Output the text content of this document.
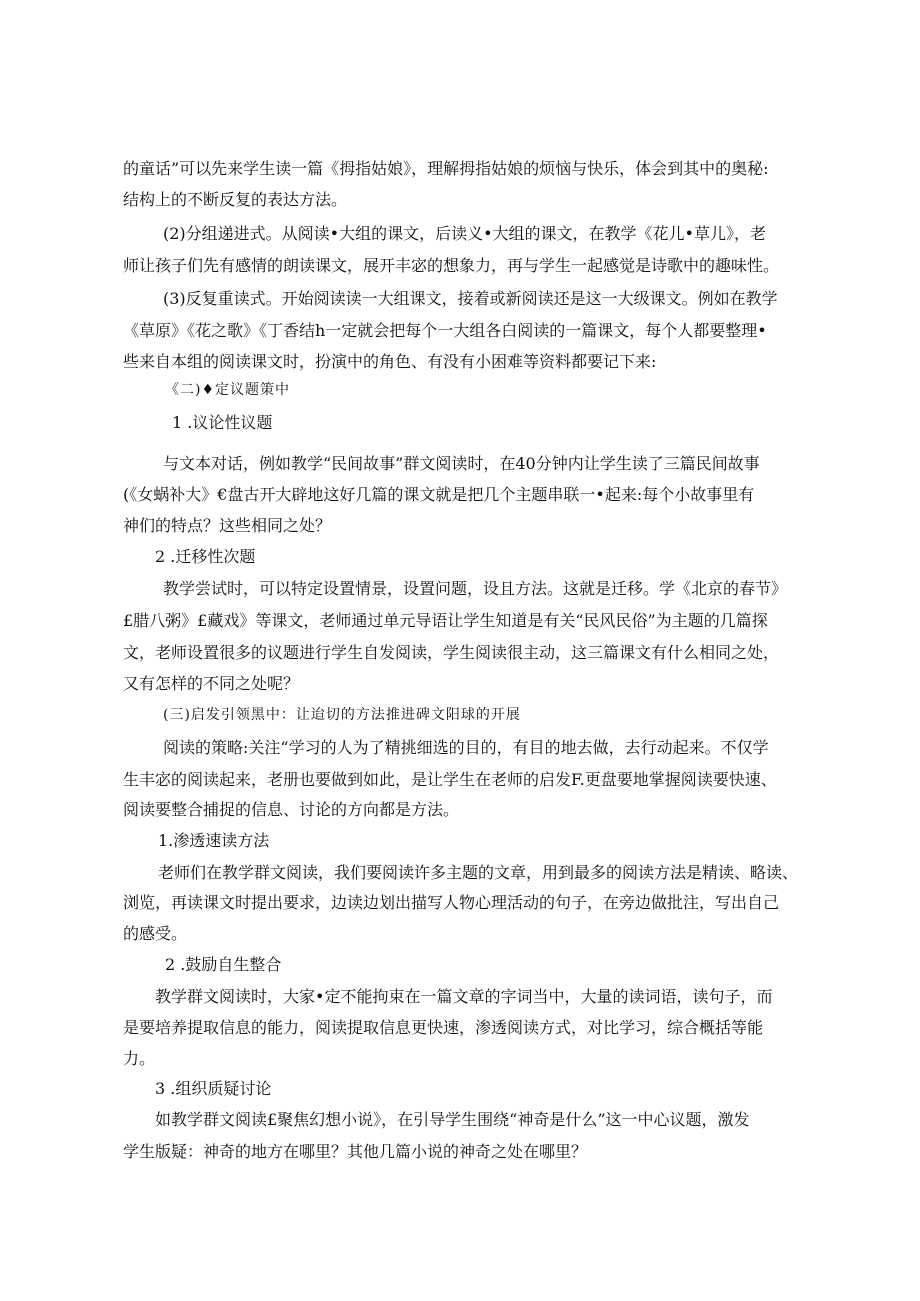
的童话”可以先来学生读一篇《拇指姑娘》，理解拇指姑娘的烦恼与快乐，体会到其中的奥秘:

结构上的不断反复的表达方法。

(2)分组递进式。从阅读•大组的课文，后读义•大组的课文，在教学《花儿•草儿》，老

师让孩子们先有感情的朗读课文，展开丰宓的想象力，再与学生一起感觉是诗歌中的趣味性。

(3)反复重读式。开始阅读读一大组课文，接着或新阅读还是这一大级课文。例如在教学

《草原》《花之歌》《丁香结h一定就会把每个一大组各白阅读的一篇课文，每个人都要整理•

些来自本组的阅读课文时，扮演中的角色、有没有小困难等资料都要记下来:

《二)♦定议题策中

1 .议论性议题

与文本对话，例如教学“民间故事”群文阅读时，在40分钟内让学生读了三篇民间故事

(《女蜗补大》€盘古开大辟地这好几篇的课文就是把几个主题串联一•起来:每个小故事里有

神们的特点？这些相同之处？

2 .迁移性次题

教学尝试时，可以特定设置情景，设置问题，设且方法。这就是迁移。学《北京的春节》

£腊八粥》£藏戏》等课文，老师通过单元导语让学生知道是有关“民风民俗”为主题的几篇探

文，老师设置很多的议题进行学生自发阅读，学生阅读很主动，这三篇课文有什么相同之处，

又有怎样的不同之处呢？

(三)启发引领黑中：让迨切的方法推进碑文阳球的开展

阅读的策略:关注“学习的人为了精挑细选的目的，有目的地去做，去行动起来。不仅学

生丰宓的阅读起来，老册也要做到如此，是让学生在老师的启发F.更盘要地掌握阅读要快速、

阅读要整合捕捉的信息、讨论的方向都是方法。

1.渗透速读方法

老师们在教学群文阅读，我们要阅读许多主题的文章，用到最多的阅读方法是精读、略读、

浏览，再读课文时提出要求，边读边划出描写人物心理活动的句子，在旁边做批注，写出自己

的感受。

2 .鼓励自生整合

教学群文阅读时，大家•定不能拘束在一篇文章的字词当中，大量的读词语，读句子，而

是要培养提取信息的能力，阅读提取信息更快速，渗透阅读方式，对比学习，综合概括等能

力。

3 .组织质疑讨论

如教学群文阅读£聚焦幻想小说》，在引导学生围绕“神奇是什么”这一中心议题，激发

学生版疑：神奇的地方在哪里？其他几篇小说的神奇之处在哪里？
